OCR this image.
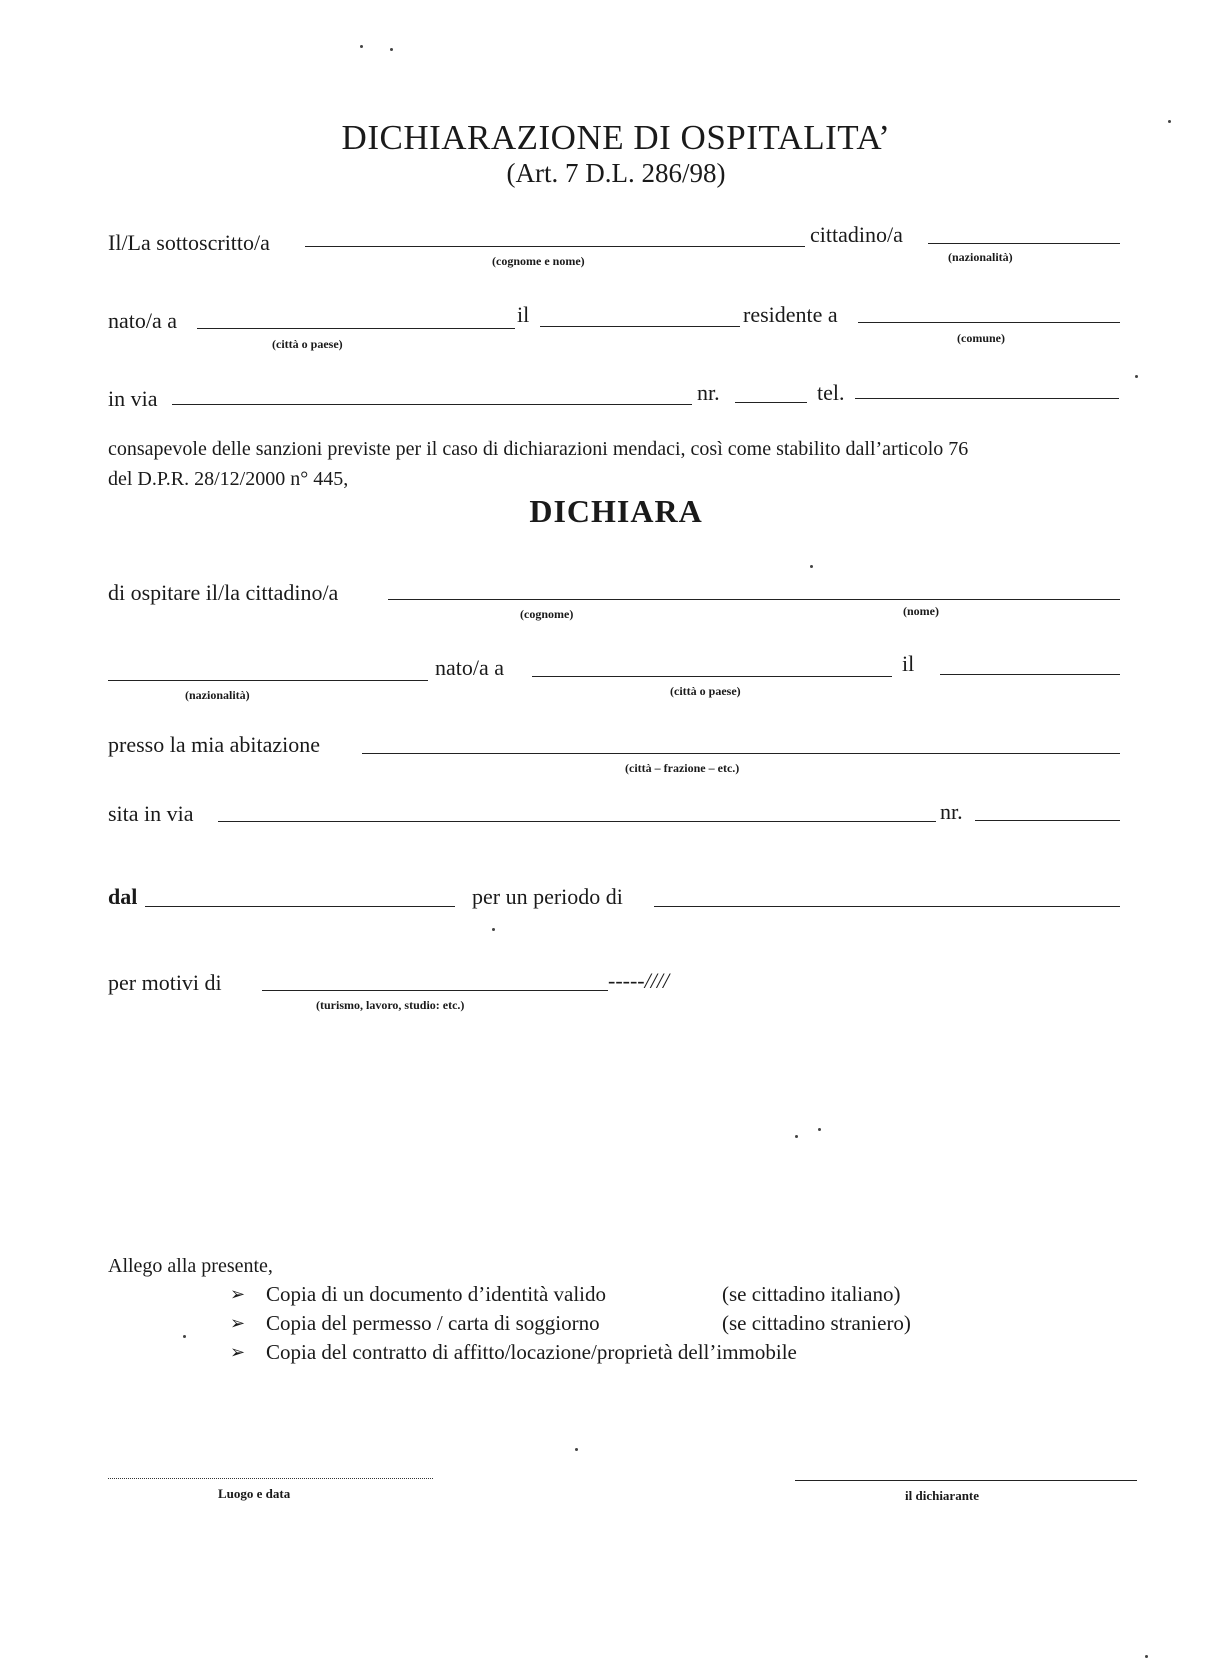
DICHIARAZIONE DI OSPITALITA’
(Art. 7 D.L. 286/98)
Il/La sottoscritto/a
(cognome e nome)
cittadino/a
(nazionalità)
nato/a a
(città o paese)
il	residente a
(comune)
in via	nr.	tel.
consapevole delle sanzioni previste per il caso di dichiarazioni mendaci, così come stabilito dall’articolo 76
del D.P.R. 28/12/2000 n° 445,
DICHIARA
di ospitare il/la cittadino/a
(cognome)	(nome)
(nazionalità)
nato/a a
(città o paese)
il
presso la mia abitazione
(città – frazione – etc.)
sita in via	nr.
dal	per un periodo di
per motivi di	-----////
(turismo, lavoro, studio: etc.)
Allego alla presente,
➢ Copia di un documento d’identità valido	(se cittadino italiano)
➢ Copia del permesso / carta di soggiorno	(se cittadino straniero)
➢ Copia del contratto di affitto/locazione/proprietà dell’immobile
Luogo e data	il dichiarante
